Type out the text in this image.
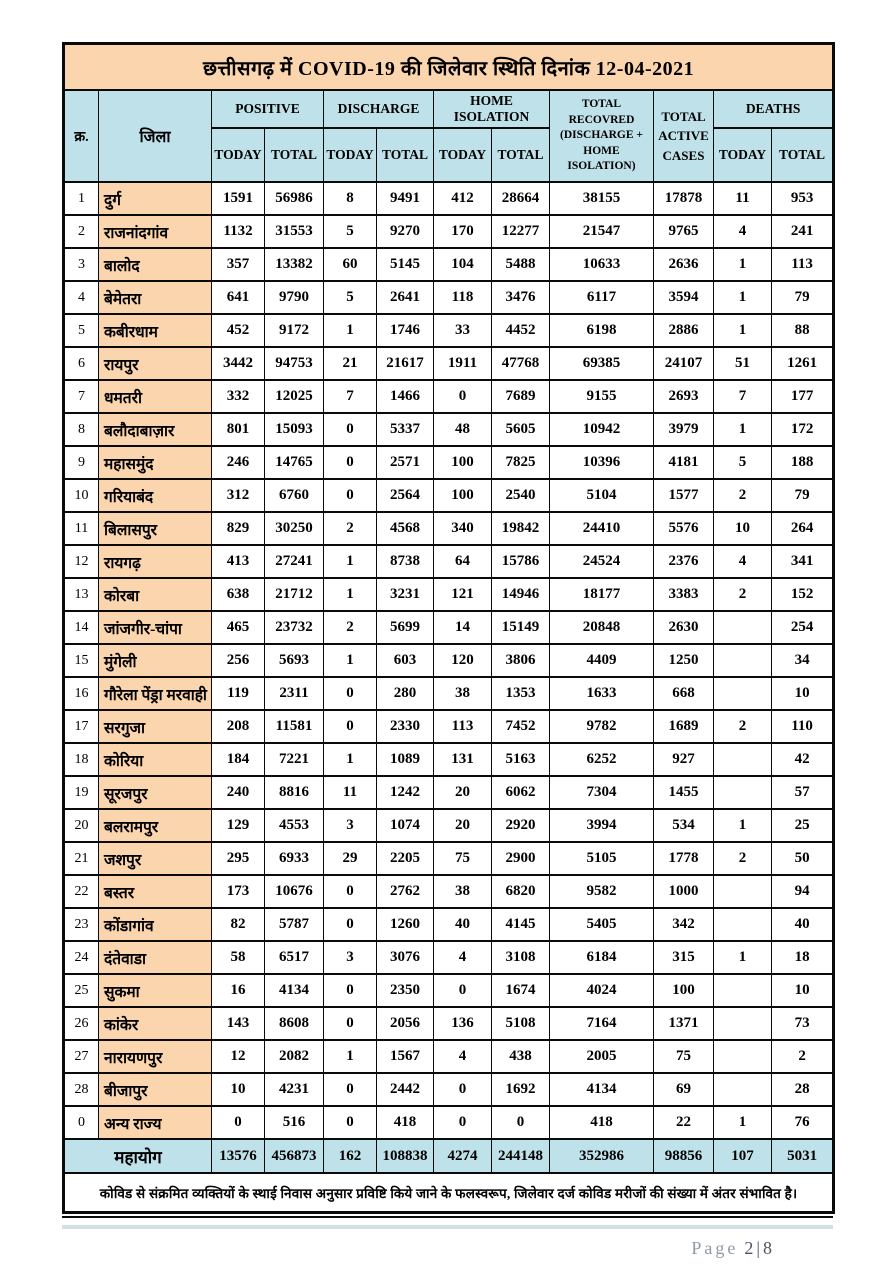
छत्तीसगढ़ में COVID-19 की जिलेवार स्थिति दिनांक 12-04-2021											
क्र.	जिला	POSITIVE		DISCHARGE		HOME ISOLATION		TOTAL RECOVRED (DISCHARGE + HOME ISOLATION)	TOTAL ACTIVE CASES	DEATHS	
		TODAY	TOTAL	TODAY	TOTAL	TODAY	TOTAL			TODAY	TOTAL
1	दुर्ग	1591	56986	8	9491	412	28664	38155	17878	11	953
2	राजनांदगांव	1132	31553	5	9270	170	12277	21547	9765	4	241
3	बालोद	357	13382	60	5145	104	5488	10633	2636	1	113
4	बेमेतरा	641	9790	5	2641	118	3476	6117	3594	1	79
5	कबीरधाम	452	9172	1	1746	33	4452	6198	2886	1	88
6	रायपुर	3442	94753	21	21617	1911	47768	69385	24107	51	1261
7	धमतरी	332	12025	7	1466	0	7689	9155	2693	7	177
8	बलौदाबाज़ार	801	15093	0	5337	48	5605	10942	3979	1	172
9	महासमुंद	246	14765	0	2571	100	7825	10396	4181	5	188
10	गरियाबंद	312	6760	0	2564	100	2540	5104	1577	2	79
11	बिलासपुर	829	30250	2	4568	340	19842	24410	5576	10	264
12	रायगढ़	413	27241	1	8738	64	15786	24524	2376	4	341
13	कोरबा	638	21712	1	3231	121	14946	18177	3383	2	152
14	जांजगीर-चांपा	465	23732	2	5699	14	15149	20848	2630		254
15	मुंगेली	256	5693	1	603	120	3806	4409	1250		34
16	गौरेला पेंड्रा मरवाही	119	2311	0	280	38	1353	1633	668		10
17	सरगुजा	208	11581	0	2330	113	7452	9782	1689	2	110
18	कोरिया	184	7221	1	1089	131	5163	6252	927		42
19	सूरजपुर	240	8816	11	1242	20	6062	7304	1455		57
20	बलरामपुर	129	4553	3	1074	20	2920	3994	534	1	25
21	जशपुर	295	6933	29	2205	75	2900	5105	1778	2	50
22	बस्तर	173	10676	0	2762	38	6820	9582	1000		94
23	कोंडागांव	82	5787	0	1260	40	4145	5405	342		40
24	दंतेवाडा	58	6517	3	3076	4	3108	6184	315	1	18
25	सुकमा	16	4134	0	2350	0	1674	4024	100		10
26	कांकेर	143	8608	0	2056	136	5108	7164	1371		73
27	नारायणपुर	12	2082	1	1567	4	438	2005	75		2
28	बीजापुर	10	4231	0	2442	0	1692	4134	69		28
0	अन्य राज्य	0	516	0	418	0	0	418	22	1	76
महायोग		13576	456873	162	108838	4274	244148	352986	98856	107	5031
कोविड से संक्रमित व्यक्तियों के स्थाई निवास अनुसार प्रविष्टि किये जाने के फलस्वरूप, जिलेवार दर्ज कोविड मरीजों की संख्या में अंतर संभावित है।											
Page 2|8
